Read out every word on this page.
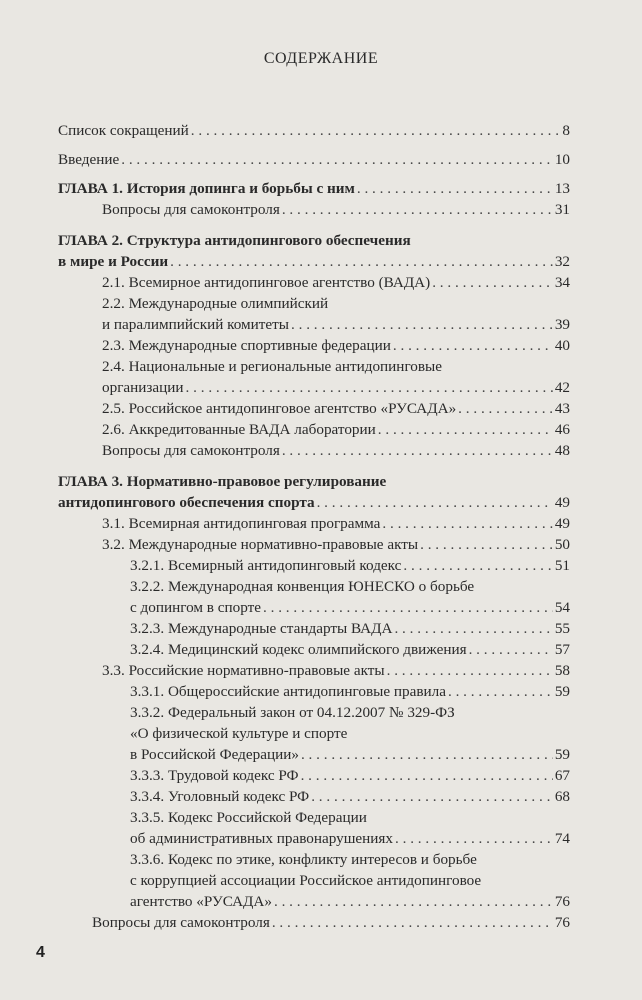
СОДЕРЖАНИЕ
Список сокращений . . .	8
Введение . . .	10
ГЛАВА 1. История допинга и борьбы с ним . . .	13
Вопросы для самоконтроля . . .	31
ГЛАВА 2. Структура антидопингового обеспечения
в мире и России . . .	32
2.1. Всемирное антидопинговое агентство (ВАДА) . . .	34
2.2. Международные олимпийский
и паралимпийский комитеты . . .	39
2.3. Международные спортивные федерации . . .	40
2.4. Национальные и региональные антидопинговые
организации . . .	42
2.5. Российское антидопинговое агентство «РУСАДА» . . .	43
2.6. Аккредитованные ВАДА лаборатории . . .	46
Вопросы для самоконтроля . . .	48
ГЛАВА 3. Нормативно-правовое регулирование
антидопингового обеспечения спорта . . .	49
3.1. Всемирная антидопинговая программа . . .	49
3.2. Международные нормативно-правовые акты . . .	50
3.2.1. Всемирный антидопинговый кодекс . . .	51
3.2.2. Международная конвенция ЮНЕСКО о борьбе
с допингом в спорте . . .	54
3.2.3. Международные стандарты ВАДА . . .	55
3.2.4. Медицинский кодекс олимпийского движения . . .	57
3.3. Российские нормативно-правовые акты . . .	58
3.3.1. Общероссийские антидопинговые правила . . .	59
3.3.2. Федеральный закон от 04.12.2007 № 329-ФЗ
«О физической культуре и спорте
в Российской Федерации» . . .	59
3.3.3. Трудовой кодекс РФ . . .	67
3.3.4. Уголовный кодекс РФ . . .	68
3.3.5. Кодекс Российской Федерации
об административных правонарушениях . . .	74
3.3.6. Кодекс по этике, конфликту интересов и борьбе
с коррупцией ассоциации Российское антидопинговое
агентство «РУСАДА» . . .	76
Вопросы для самоконтроля . . .	76
4
